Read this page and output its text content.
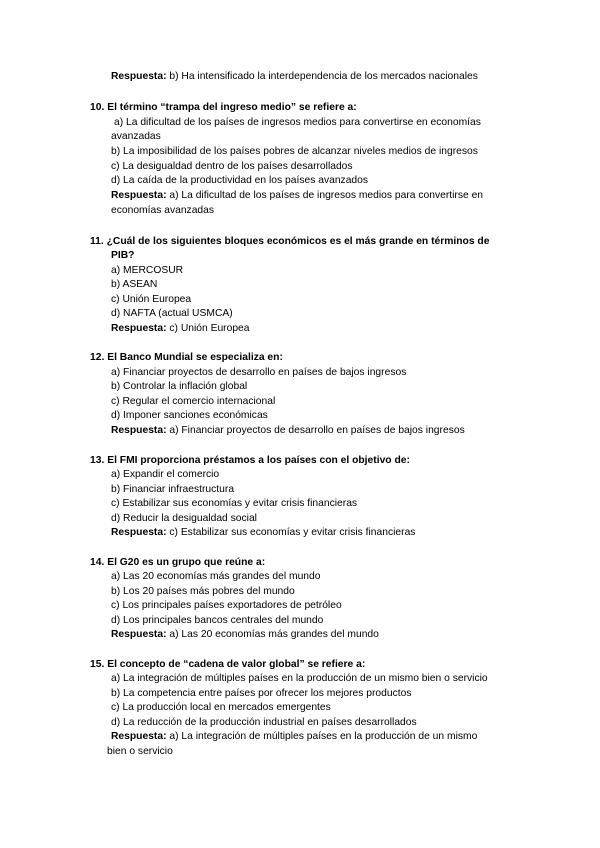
Respuesta: b) Ha intensificado la interdependencia de los mercados nacionales
10. El término “trampa del ingreso medio” se refiere a:
a) La dificultad de los países de ingresos medios para convertirse en economías
avanzadas
b) La imposibilidad de los países pobres de alcanzar niveles medios de ingresos
c) La desigualdad dentro de los países desarrollados
d) La caída de la productividad en los países avanzados
Respuesta: a) La dificultad de los países de ingresos medios para convertirse en
economías avanzadas
11. ¿Cuál de los siguientes bloques económicos es el más grande en términos de
PIB?
a) MERCOSUR
b) ASEAN
c) Unión Europea
d) NAFTA (actual USMCA)
Respuesta: c) Unión Europea
12. El Banco Mundial se especializa en:
a) Financiar proyectos de desarrollo en países de bajos ingresos
b) Controlar la inflación global
c) Regular el comercio internacional
d) Imponer sanciones económicas
Respuesta: a) Financiar proyectos de desarrollo en países de bajos ingresos
13. El FMI proporciona préstamos a los países con el objetivo de:
a) Expandir el comercio
b) Financiar infraestructura
c) Estabilizar sus economías y evitar crisis financieras
d) Reducir la desigualdad social
Respuesta: c) Estabilizar sus economías y evitar crisis financieras
14. El G20 es un grupo que reúne a:
a) Las 20 economías más grandes del mundo
b) Los 20 países más pobres del mundo
c) Los principales países exportadores de petróleo
d) Los principales bancos centrales del mundo
Respuesta: a) Las 20 economías más grandes del mundo
15. El concepto de “cadena de valor global” se refiere a:
a) La integración de múltiples países en la producción de un mismo bien o servicio
b) La competencia entre países por ofrecer los mejores productos
c) La producción local en mercados emergentes
d) La reducción de la producción industrial en países desarrollados
Respuesta: a) La integración de múltiples países en la producción de un mismo
bien o servicio
